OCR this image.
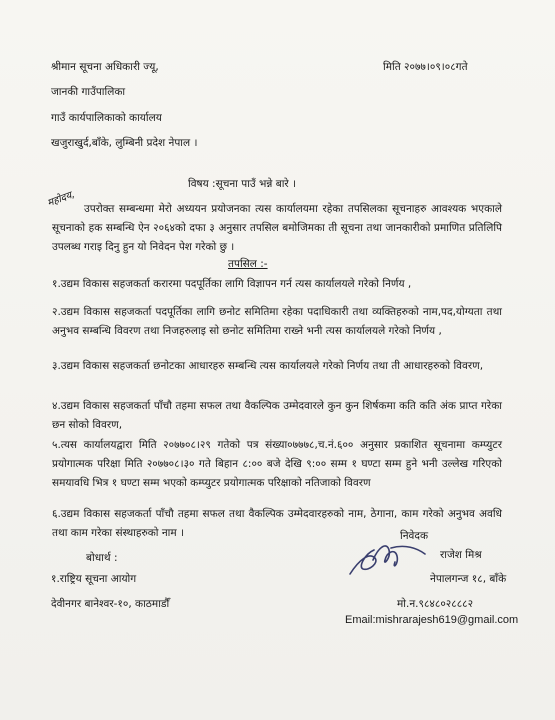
मिति २०७७।०९।०८गते
श्रीमान सूचना अधिकारी ज्यू,
जानकी गाउँपालिका
गाउँ कार्यपालिकाको कार्यालय
खजुराखुर्द,बाँके, लुम्बिनी प्रदेश नेपाल ।
विषय :सूचना पाउँ भन्ने बारे ।
महोदय, उपरोक्त सम्बन्धमा मेरो अध्ययन प्रयोजनका त्यस कार्यालयमा रहेका तपसिलका सूचनाहरु आवश्यक भएकाले सूचनाको हक सम्बन्धि ऐन २०६४को दफा ३ अनुसार तपसिल बमोजिमका ती सूचना तथा जानकारीको प्रमाणित प्रतिलिपि उपलब्ध गराइ दिनु हुन यो निवेदन पेश गरेको छु ।
तपसिल :-
१.उद्यम विकास सहजकर्ता करारमा पदपूर्तिका लागि विज्ञापन गर्न त्यस कार्यालयले गरेको निर्णय ,
२.उद्यम विकास सहजकर्ता पदपूर्तिका लागि छनोट समितिमा रहेका पदाधिकारी तथा व्यक्तिहरुको नाम,पद,योग्यता तथा अनुभव सम्बन्धि विवरण तथा निजहरुलाइ सो छनोट समितिमा राख्ने भनी त्यस कार्यालयले गरेको निर्णय ,
३.उद्यम विकास सहजकर्ता छनोटका आधारहरु सम्बन्धि त्यस कार्यालयले गरेको निर्णय तथा ती आधारहरुको विवरण,
४.उद्यम विकास सहजकर्ता पाँचौ तहमा सफल तथा वैकल्पिक उम्मेदवारले कुन कुन शिर्षकमा कति कति अंक प्राप्त गरेका छन सोको विवरण,
५.त्यस कार्यालयद्वारा मिति २०७७०८।२९ गतेको पत्र संख्या०७७७८,च.नं.६०० अनुसार प्रकाशित सूचनामा कम्प्युटर प्रयोगात्मक परिक्षा मिति २०७७०८।३० गते बिहान ८:०० बजे देखि ९:०० सम्म १ घण्टा सम्म हुने भनी उल्लेख गरिएको समयावधि भित्र १ घण्टा सम्म भएको कम्प्युटर प्रयोगात्मक परिक्षाको नतिजाको विवरण
६.उद्यम विकास सहजकर्ता पाँचौ तहमा सफल तथा वैकल्पिक उम्मेदवारहरुको नाम, ठेगाना, काम गरेको अनुभव अवधि तथा काम गरेका संस्थाहरुको नाम ।	निवेदक
बोधार्थ :	राजेश मिश्र
नेपालगन्ज १८, बाँके
१.राष्ट्रिय सूचना आयोग
देवीनगर बानेश्वर-१०, काठमाडौँ	मो.न.९८४८०२८८८२
Email:mishrarajesh619@gmail.com
